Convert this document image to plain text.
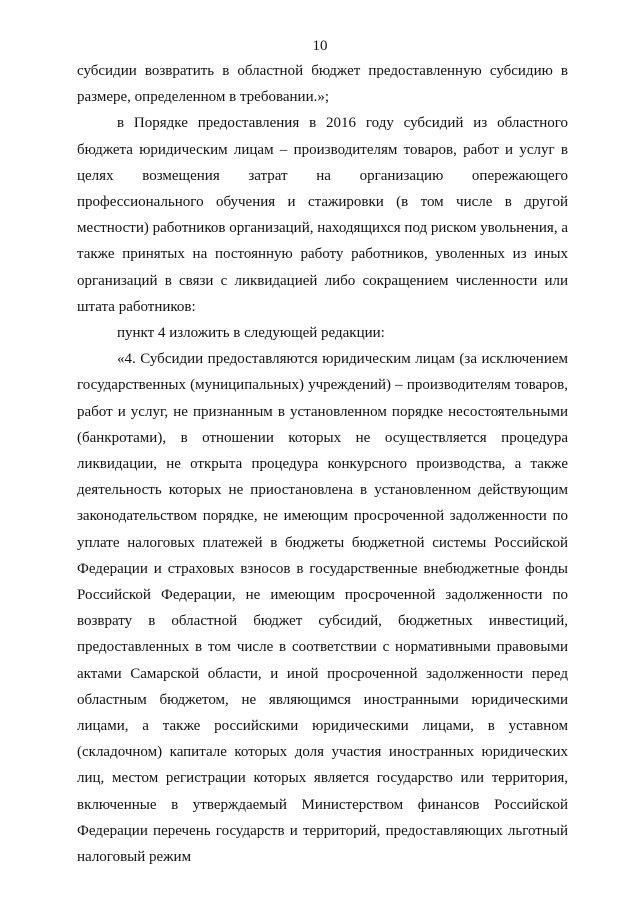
10

субсидии возвратить в областной бюджет предоставленную субсидию в размере, определенном в требовании.»;

в Порядке предоставления в 2016 году субсидий из областного бюджета юридическим лицам – производителям товаров, работ и услуг в целях возмещения затрат на организацию опережающего профессионального обучения и стажировки (в том числе в другой местности) работников организаций, находящихся под риском увольнения, а также принятых на постоянную работу работников, уволенных из иных организаций в связи с ликвидацией либо сокращением численности или штата работников:

пункт 4 изложить в следующей редакции:

«4. Субсидии предоставляются юридическим лицам (за исключением государственных (муниципальных) учреждений) – производителям товаров, работ и услуг, не признанным в установленном порядке несостоятельными (банкротами), в отношении которых не осуществляется процедура ликвидации, не открыта процедура конкурсного производства, а также деятельность которых не приостановлена в установленном действующим законодательством порядке, не имеющим просроченной задолженности по уплате налоговых платежей в бюджеты бюджетной системы Российской Федерации и страховых взносов в государственные внебюджетные фонды Российской Федерации, не имеющим просроченной задолженности по возврату в областной бюджет субсидий, бюджетных инвестиций, предоставленных в том числе в соответствии с нормативными правовыми актами Самарской области, и иной просроченной задолженности перед областным бюджетом, не являющимся иностранными юридическими лицами, а также российскими юридическими лицами, в уставном (складочном) капитале которых доля участия иностранных юридических лиц, местом регистрации которых является государство или территория, включенные в утверждаемый Министерством финансов Российской Федерации перечень государств и территорий, предоставляющих льготный налоговый режим
